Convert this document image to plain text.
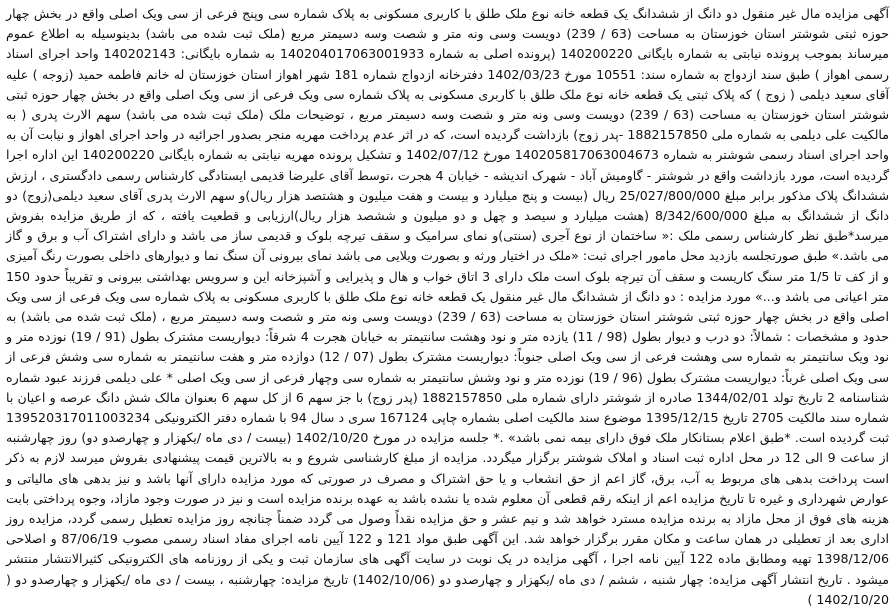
آگهی مزایده مال غیر منقول دو دانگ از ششدانگ یک قطعه خانه نوع ملک طلق با کاربری مسکونی به پلاک شماره سی وپنج فرعی از سی ویک اصلی واقع در بخش چهار حوزه ثبتی شوشتر استان خوزستان به مساحت (63 / 239) دویست وسی ونه متر و شصت وسه دسیمتر مربع (ملک ثبت شده می باشد) بدینوسیله به اطلاع عموم میرساند بموجب پرونده نیابتی به شماره بایگانی 140200220 (پرونده اصلی به شماره 140204017063001933 به شماره بایگانی: 140202143 واحد اجرای اسناد رسمی اهواز ) طبق سند ازدواج به شماره سند: 10551 مورخ 1402/03/23 دفترخانه ازدواج شماره 181 شهر اهواز استان خوزستان له خانم فاطمه حمید (زوجه ) علیه آقای سعید دیلمی ( زوج ) که پلاک ثبتی یک قطعه خانه نوع ملک طلق با کاربری مسکونی به پلاک شماره سی ویک فرعی از سی ویک اصلی واقع در بخش چهار حوزه ثبتی شوشتر استان خوزستان به مساحت (63 / 239) دویست وسی ونه متر و شصت وسه دسیمتر مربع ، توضیحات ملک (ملک ثبت شده می باشد) سهم الارث پدری ( به مالکیت علی دیلمی به شماره ملی 1882157850 -پدر زوج) بازداشت گردیده است، که در اثر عدم پرداخت مهریه منجر بصدور اجرائیه در واحد اجرای اهواز و نیابت آن به واحد اجرای اسناد رسمی شوشتر به شماره 140205817063004673 مورخ 1402/07/12 و تشکیل پرونده مهریه نیابتی به شماره بایگانی 140200220 این اداره اجرا گردیده است، مورد بازداشت واقع در شوشتر - گاومیش آباد - شهرک اندیشه - خیابان 4 هجرت ،توسط آقای علیرضا قدیمی ایستادگی کارشناس رسمی دادگستری ، ارزش ششدانگ پلاک مذکور برابر مبلغ 25/027/800/000 ریال (بیست و پنج میلیارد و بیست و هفت میلیون و هشتصد هزار ریال)و سهم الارث پدری آقای سعید دیلمی(زوج) دو دانگ از ششدانگ به مبلغ 8/342/600/000 (هشت میلیارد و سیصد و چهل و دو میلیون و ششصد هزار ریال)ارزیابی و قطعیت یافته ، که از طریق مزایده بفروش میرسد*طبق نظر کارشناس رسمی ملک :« ساختمان از نوع آجری (سنتی)و نمای سرامیک و سقف تیرچه بلوک و قدیمی ساز می باشد و دارای اشتراک آب و برق و گاز می باشد.» طبق صورتجلسه بازدید محل مامور اجرای ثبت: «ملک در اختیار ورثه و بصورت ویلایی می باشد نمای بیرونی آن سنگ نما و دیوارهای داخلی بصورت رنگ آمیزی و از کف تا 1/5 متر سنگ کاریست و سقف آن تیرچه بلوک است ملک دارای 3 اتاق خواب و هال و پذیرایی و آشپزخانه این و سرویس بهداشتی بیرونی و تقریباً حدود 150 متر اعیانی می باشد و...» مورد مزایده : دو دانگ از ششدانگ مال غیر منقول یک قطعه خانه نوع ملک طلق با کاربری مسکونی به پلاک شماره سی ویک فرعی از سی ویک اصلی واقع در بخش چهار حوزه ثبتی شوشتر استان خوزستان به مساحت (63 / 239) دویست وسی ونه متر و شصت وسه دسیمتر مربع ، (ملک ثبت شده می باشد) به حدود و مشخصات : شمالاً: دو درب و دیوار بطول (98 / 11) یازده متر و نود وهشت سانتیمتر به خیابان هجرت 4 شرقاً: دیواریست مشترک بطول (91 / 19) نوزده متر و نود ویک سانتیمتر به شماره سی وهشت فرعی از سی ویک اصلی جنوباً: دیواریست مشترک بطول (07 / 12) دوازده متر و هفت سانتیمتر به شماره سی وشش فرعی از سی ویک اصلی غرباً: دیواریست مشترک بطول (96 / 19) نوزده متر و نود وشش سانتیمتر به شماره سی وچهار فرعی از سی ویک اصلی * علی دیلمی فرزند عبود شماره شناسنامه 2 تاریخ تولد 1344/02/01 صادره از شوشتر دارای شماره ملی 1882157850 (پدر زوج) با جز سهم 6 از کل سهم 6 بعنوان مالک شش دانگ عرصه و اعیان با شماره سند مالکیت 2705 تاریخ 1395/12/15 موضوع سند مالکیت اصلی بشماره چاپی 167124 سری د سال 94 با شماره دفتر الکترونیکی 139520317011003234 ثبت گردیده است. *طبق اعلام بستانکار ملک فوق دارای بیمه نمی باشد» .* جلسه مزایده در مورخ 1402/10/20 (بیست / دی ماه /یکهزار و چهارصدو دو) روز چهارشنبه از ساعت 9 الی 12 در محل اداره ثبت اسناد و املاک شوشتر برگزار میگردد. مزایده از مبلغ کارشناسی شروع و به بالاترین قیمت پیشنهادی بفروش میرسد لازم به ذکر است پرداخت بدهی های مربوط به آب، برق، گاز اعم از حق انشعاب و یا حق اشتراک و مصرف در صورتی که مورد مزایده دارای آنها باشد و نیز بدهی های مالیاتی و عوارض شهرداری و غیره تا تاریخ مزایده اعم از اینکه رقم قطعی آن معلوم شده یا نشده باشد به عهده برنده مزایده است و نیز در صورت وجود مازاد، وجوه پرداختی بابت هزینه های فوق از محل مازاد به برنده مزایده مسترد خواهد شد و نیم عشر و حق مزایده نقداً وصول می گردد ضمناً چنانچه روز مزایده تعطیل رسمی گردد، مزایده روز اداری بعد از تعطیلی در همان ساعت و مکان مقرر برگزار خواهد شد. این آگهی طبق مواد 121 و 122 آیین نامه اجرای مفاد اسناد رسمی مصوب 87/06/19 و اصلاحی 1398/12/06 تهیه ومطابق ماده 122 آیین نامه اجرا ، آگهی مزایده در یک نوبت در سایت آگهی های سازمان ثبت و یکی از روزنامه های الکترونیکی کثیرالانتشار منتشر میشود . تاریخ انتشار آگهی مزایده: چهار شنبه ، ششم / دی ماه /یکهزار و چهارصدو دو (1402/10/06) تاریخ مزایده: چهارشنبه ، بیست / دی ماه /یکهزار و چهارصدو دو ( 1402/10/20 )
